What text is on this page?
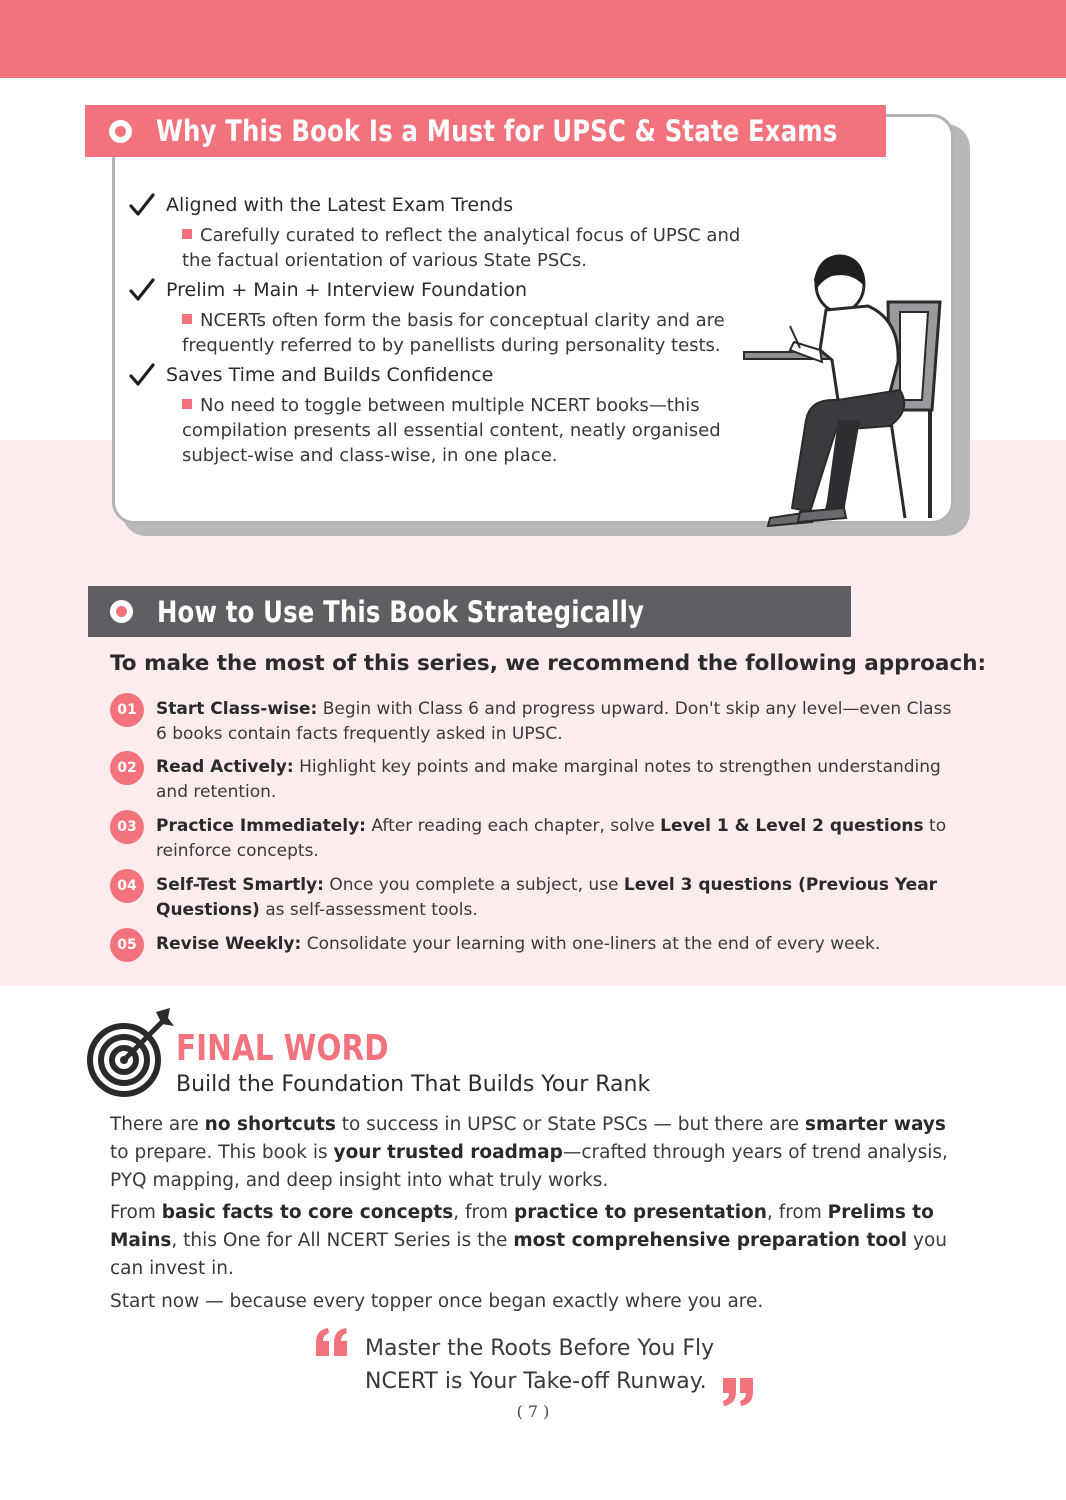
Why This Book Is a Must for UPSC & State Exams
Aligned with the Latest Exam Trends
Carefully curated to reflect the analytical focus of UPSC and the factual orientation of various State PSCs.
Prelim + Main + Interview Foundation
NCERTs often form the basis for conceptual clarity and are frequently referred to by panellists during personality tests.
Saves Time and Builds Confidence
No need to toggle between multiple NCERT books—this compilation presents all essential content, neatly organised subject-wise and class-wise, in one place.
How to Use This Book Strategically
To make the most of this series, we recommend the following approach:
01	Start Class-wise: Begin with Class 6 and progress upward. Don't skip any level—even Class 6 books contain facts frequently asked in UPSC.
02	Read Actively: Highlight key points and make marginal notes to strengthen understanding and retention.
03	Practice Immediately: After reading each chapter, solve Level 1 & Level 2 questions to reinforce concepts.
04	Self-Test Smartly: Once you complete a subject, use Level 3 questions (Previous Year Questions) as self-assessment tools.
05	Revise Weekly: Consolidate your learning with one-liners at the end of every week.
FINAL WORD
Build the Foundation That Builds Your Rank
There are no shortcuts to success in UPSC or State PSCs — but there are smarter ways to prepare. This book is your trusted roadmap—crafted through years of trend analysis, PYQ mapping, and deep insight into what truly works.
From basic facts to core concepts, from practice to presentation, from Prelims to Mains, this One for All NCERT Series is the most comprehensive preparation tool you can invest in.
Start now — because every topper once began exactly where you are.
Master the Roots Before You Fly
NCERT is Your Take-off Runway.
( 7 )
